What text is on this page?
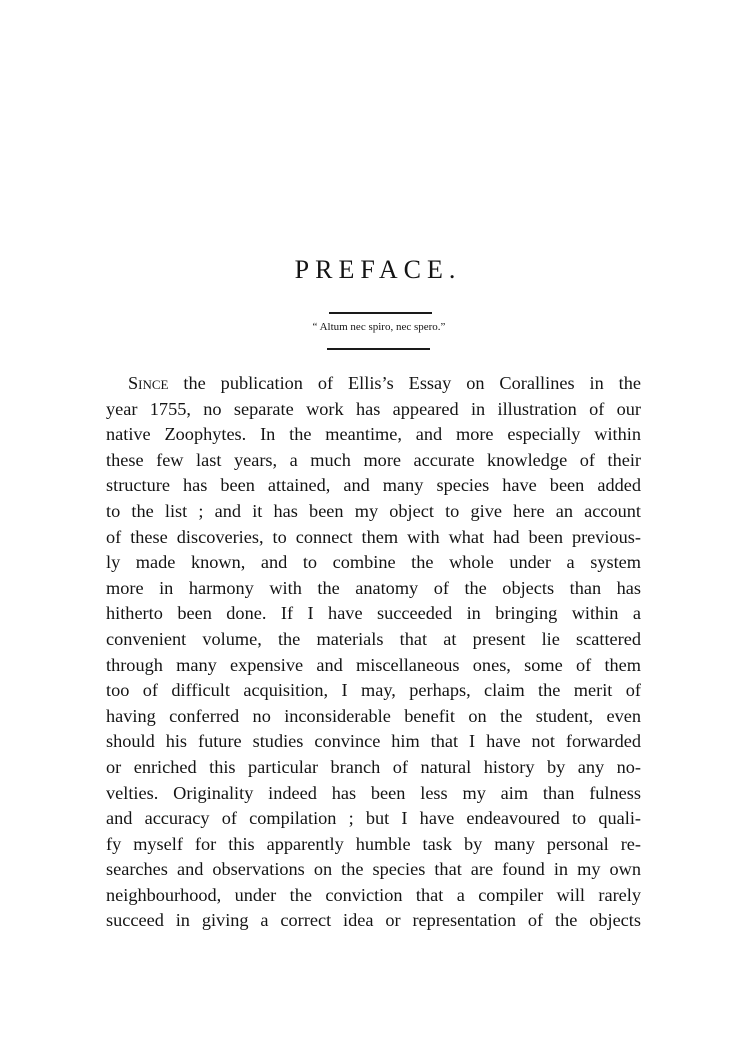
PREFACE.
“ Altum nec spiro, nec spero.”
Since the publication of Ellis’s Essay on Corallines in the
year 1755, no separate work has appeared in illustration of our
native Zoophytes. In the meantime, and more especially within
these few last years, a much more accurate knowledge of their
structure has been attained, and many species have been added
to the list ; and it has been my object to give here an account
of these discoveries, to connect them with what had been previous-
ly made known, and to combine the whole under a system
more in harmony with the anatomy of the objects than has
hitherto been done. If I have succeeded in bringing within a
convenient volume, the materials that at present lie scattered
through many expensive and miscellaneous ones, some of them
too of difficult acquisition, I may, perhaps, claim the merit of
having conferred no inconsiderable benefit on the student, even
should his future studies convince him that I have not forwarded
or enriched this particular branch of natural history by any no-
velties. Originality indeed has been less my aim than fulness
and accuracy of compilation ; but I have endeavoured to quali-
fy myself for this apparently humble task by many personal re-
searches and observations on the species that are found in my own
neighbourhood, under the conviction that a compiler will rarely
succeed in giving a correct idea or representation of the objects
